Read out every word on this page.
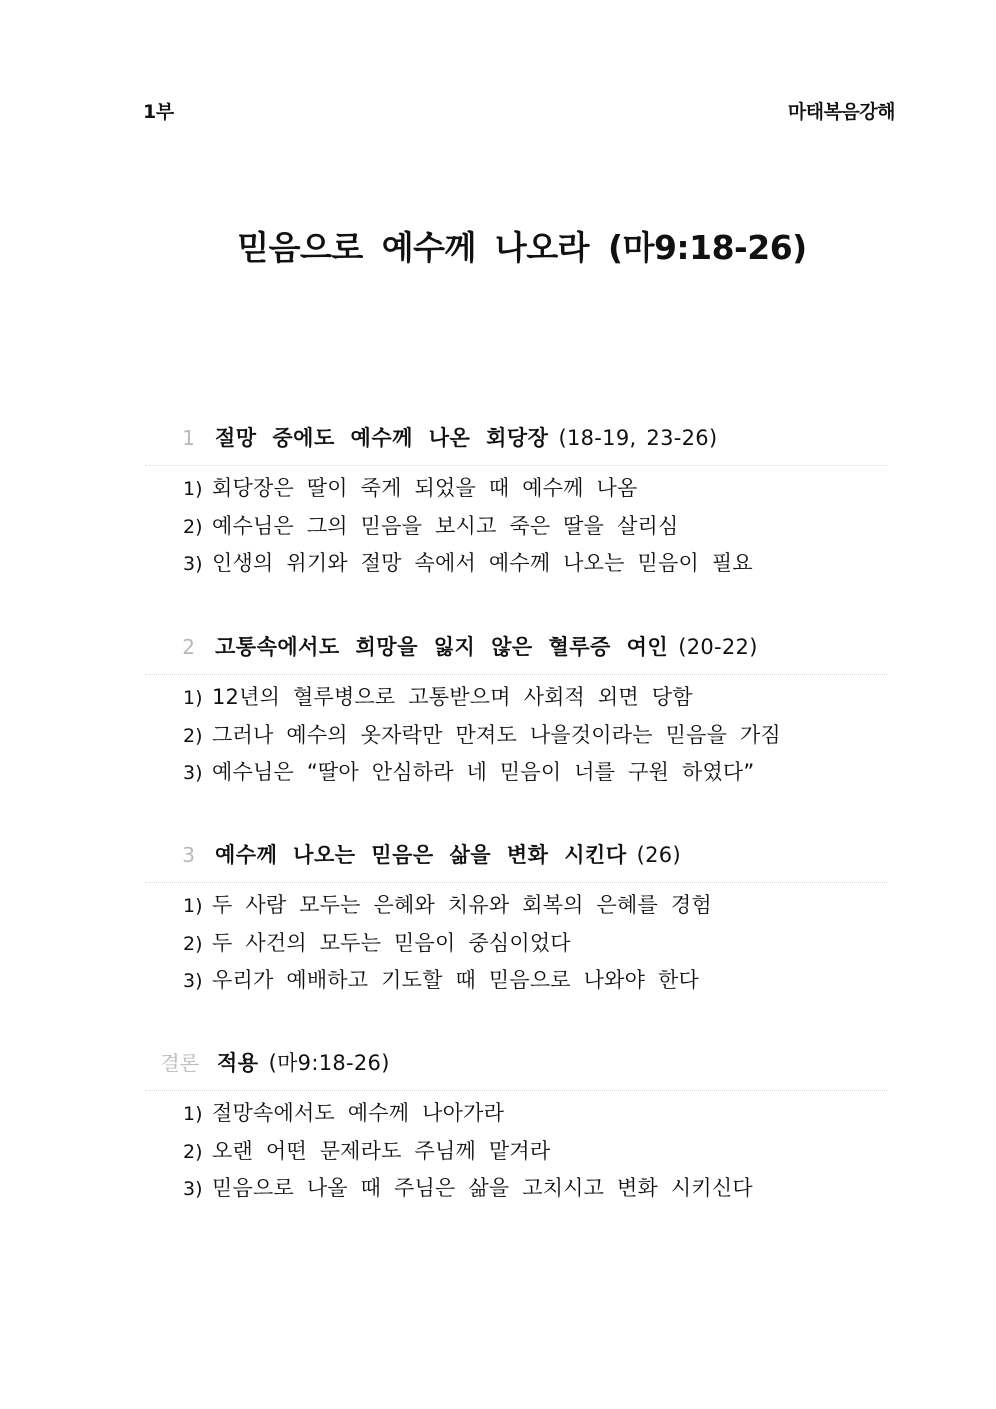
1부	마태복음강해
믿음으로 예수께 나오라 (마9:18-26)
1 절망 중에도 예수께 나온 회당장 (18-19, 23-26)
1) 회당장은 딸이 죽게 되었을 때 예수께 나옴
2) 예수님은 그의 믿음을 보시고 죽은 딸을 살리심
3) 인생의 위기와 절망 속에서 예수께 나오는 믿음이 필요
2 고통속에서도 희망을 잃지 않은 혈루증 여인 (20-22)
1) 12년의 혈루병으로 고통받으며 사회적 외면 당함
2) 그러나 예수의 옷자락만 만져도 나을것이라는 믿음을 가짐
3) 예수님은 “딸아 안심하라 네 믿음이 너를 구원 하였다”
3 예수께 나오는 믿음은 삶을 변화 시킨다 (26)
1) 두 사람 모두는 은혜와 치유와 회복의 은혜를 경험
2) 두 사건의 모두는 믿음이 중심이었다
3) 우리가 예배하고 기도할 때 믿음으로 나와야 한다
결론 적용 (마9:18-26)
1) 절망속에서도 예수께 나아가라
2) 오랜 어떤 문제라도 주님께 맡겨라
3) 믿음으로 나올 때 주님은 삶을 고치시고 변화 시키신다
